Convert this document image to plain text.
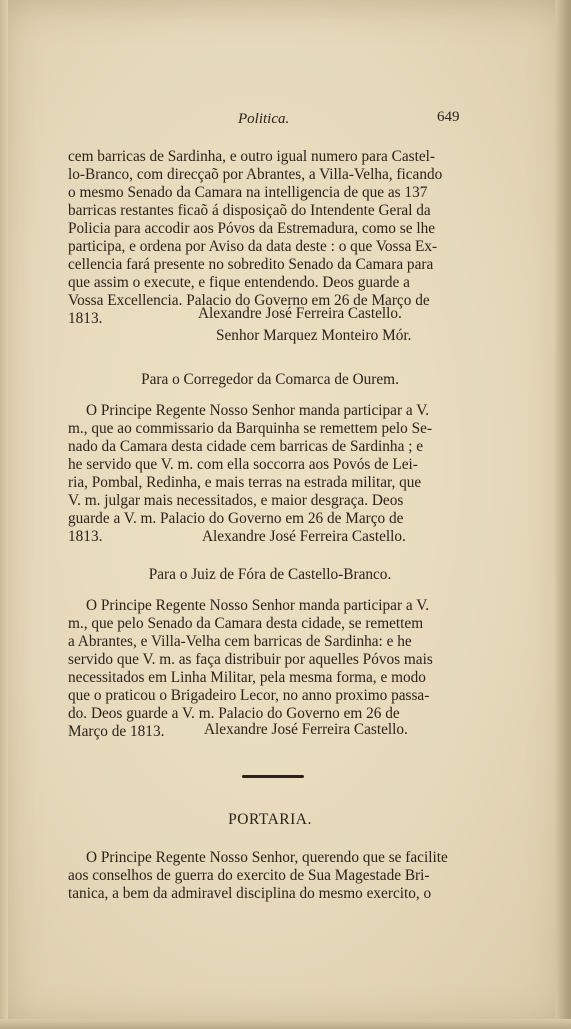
Politica.	649

cem barricas de Sardinha, e outro igual numero para Castel-

lo-Branco, com direcçaõ por Abrantes, a Villa-Velha, ficando

o mesmo Senado da Camara na intelligencia de que as 137

barricas restantes ficaõ á disposiçaõ do Intendente Geral da

Policia para accodir aos Póvos da Estremadura, como se lhe

participa, e ordena por Aviso da data deste : o que Vossa Ex-

cellencia fará presente no sobredito Senado da Camara para

que assim o execute, e fique entendendo. Deos guarde a

Vossa Excellencia. Palacio do Governo em 26 de Março de

1813.	Alexandre José Ferreira Castello.
Senhor Marquez Monteiro Mór.
Para o Corregedor da Comarca de Ourem.

O Principe Regente Nosso Senhor manda participar a V.

m., que ao commissario da Barquinha se remettem pelo Se-

nado da Camara desta cidade cem barricas de Sardinha ; e

he servido que V. m. com ella soccorra aos Povós de Lei-

ria, Pombal, Redinha, e mais terras na estrada militar, que

V. m. julgar mais necessitados, e maior desgraça. Deos

guarde a V. m. Palacio do Governo em 26 de Março de

1813.	Alexandre José Ferreira Castello.
Para o Juiz de Fóra de Castello-Branco.

O Principe Regente Nosso Senhor manda participar a V.

m., que pelo Senado da Camara desta cidade, se remettem

a Abrantes, e Villa-Velha cem barricas de Sardinha: e he

servido que V. m. as faça distribuir por aquelles Póvos mais

necessitados em Linha Militar, pela mesma forma, e modo

que o praticou o Brigadeiro Lecor, no anno proximo passa-

do. Deos guarde a V. m. Palacio do Governo em 26 de

Março de 1813.	Alexandre José Ferreira Castello.
PORTARIA.

O Principe Regente Nosso Senhor, querendo que se facilite

aos conselhos de guerra do exercito de Sua Magestade Bri-

tanica, a bem da admiravel disciplina do mesmo exercito, o
